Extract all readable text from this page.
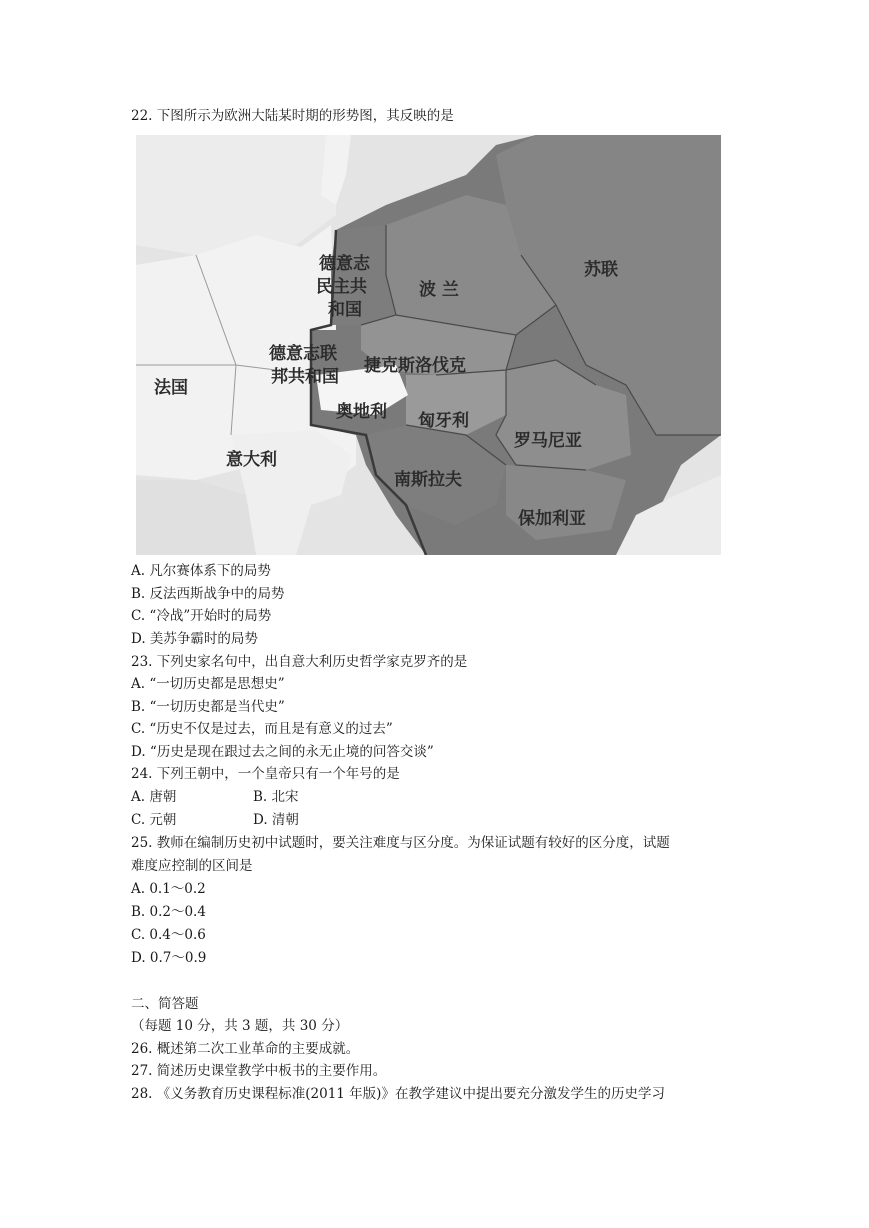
22. 下图所示为欧洲大陆某时期的形势图，其反映的是
德意志
民主共
和国
波 兰
苏联
德意志联
邦共和国
捷克斯洛伐克
法国
奥地利 匈牙利
罗马尼亚
意大利
南斯拉夫
保加利亚
A. 凡尔赛体系下的局势
B. 反法西斯战争中的局势
C. “冷战”开始时的局势
D. 美苏争霸时的局势
23. 下列史家名句中，出自意大利历史哲学家克罗齐的是
A. “一切历史都是思想史”
B. “一切历史都是当代史”
C. “历史不仅是过去，而且是有意义的过去”
D. “历史是现在跟过去之间的永无止境的问答交谈”
24. 下列王朝中，一个皇帝只有一个年号的是
A. 唐朝	B. 北宋
C. 元朝	D. 清朝
25. 教师在编制历史初中试题时，要关注难度与区分度。为保证试题有较好的区分度，试题
难度应控制的区间是
A. 0.1～0.2
B. 0.2～0.4
C. 0.4～0.6
D. 0.7～0.9
二、简答题
（每题 10 分，共 3 题，共 30 分）
26. 概述第二次工业革命的主要成就。
27. 简述历史课堂教学中板书的主要作用。
28. 《义务教育历史课程标准(2011 年版)》在教学建议中提出要充分激发学生的历史学习
